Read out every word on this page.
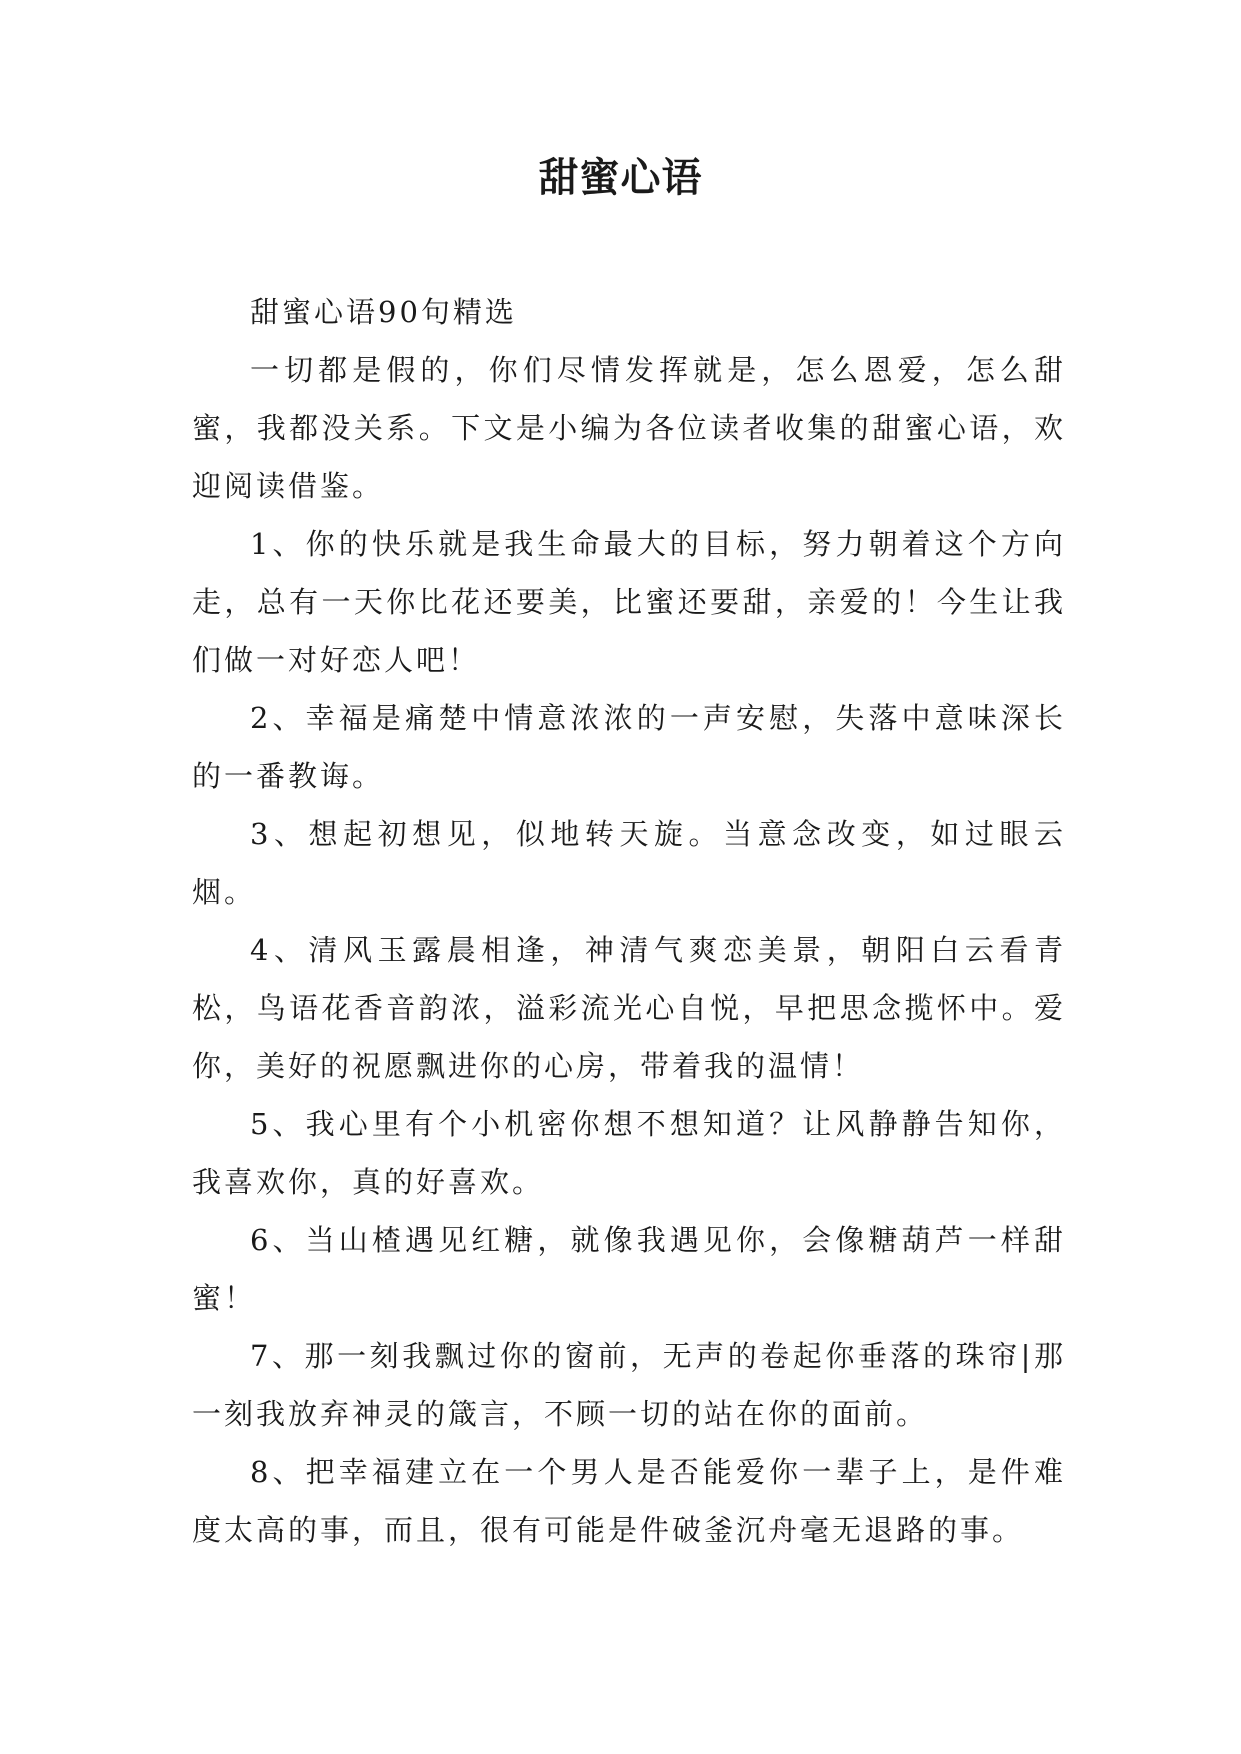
甜蜜心语

甜蜜心语90句精选

一切都是假的，你们尽情发挥就是，怎么恩爱，怎么甜蜜，我都没关系。下文是小编为各位读者收集的甜蜜心语，欢迎阅读借鉴。

1、你的快乐就是我生命最大的目标，努力朝着这个方向走，总有一天你比花还要美，比蜜还要甜，亲爱的！今生让我们做一对好恋人吧！

2、幸福是痛楚中情意浓浓的一声安慰，失落中意味深长的一番教诲。

3、想起初想见，似地转天旋。当意念改变，如过眼云烟。

4、清风玉露晨相逢，神清气爽恋美景，朝阳白云看青松，鸟语花香音韵浓，溢彩流光心自悦，早把思念揽怀中。爱你，美好的祝愿飘进你的心房，带着我的温情！

5、我心里有个小机密你想不想知道？让风静静告知你，我喜欢你，真的好喜欢。

6、当山楂遇见红糖，就像我遇见你，会像糖葫芦一样甜蜜！

7、那一刻我飘过你的窗前，无声的卷起你垂落的珠帘|那一刻我放弃神灵的箴言，不顾一切的站在你的面前。

8、把幸福建立在一个男人是否能爱你一辈子上，是件难度太高的事，而且，很有可能是件破釜沉舟毫无退路的事。
